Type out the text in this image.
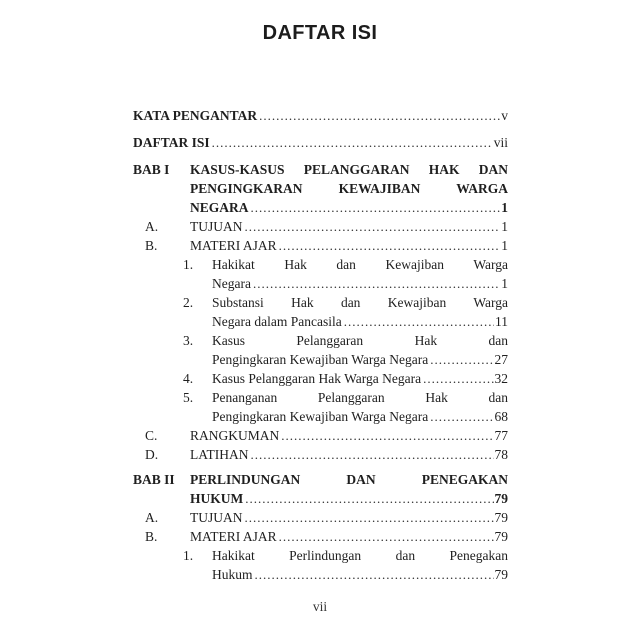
DAFTAR ISI
KATA PENGANTAR .....	v
DAFTAR ISI .....	vii
BAB I	KASUS-KASUS PELANGGARAN HAK DAN
PENGINGKARAN KEWAJIBAN WARGA
NEGARA .....	1
A.	TUJUAN .....	1
B.	MATERI AJAR .....	1
1.	Hakikat Hak dan Kewajiban Warga
Negara .....	1
2.	Substansi Hak dan Kewajiban Warga
Negara dalam Pancasila .....	11
3.	Kasus Pelanggaran Hak dan
Pengingkaran Kewajiban Warga Negara .....	27
4.	Kasus Pelanggaran Hak Warga Negara .....	32
5.	Penanganan Pelanggaran Hak dan
Pengingkaran Kewajiban Warga Negara .....	68
C.	RANGKUMAN .....	77
D.	LATIHAN .....	78
BAB II	PERLINDUNGAN DAN PENEGAKAN
HUKUM .....	79
A.	TUJUAN .....	79
B.	MATERI AJAR .....	79
1.	Hakikat Perlindungan dan Penegakan
Hukum .....	79
vii
